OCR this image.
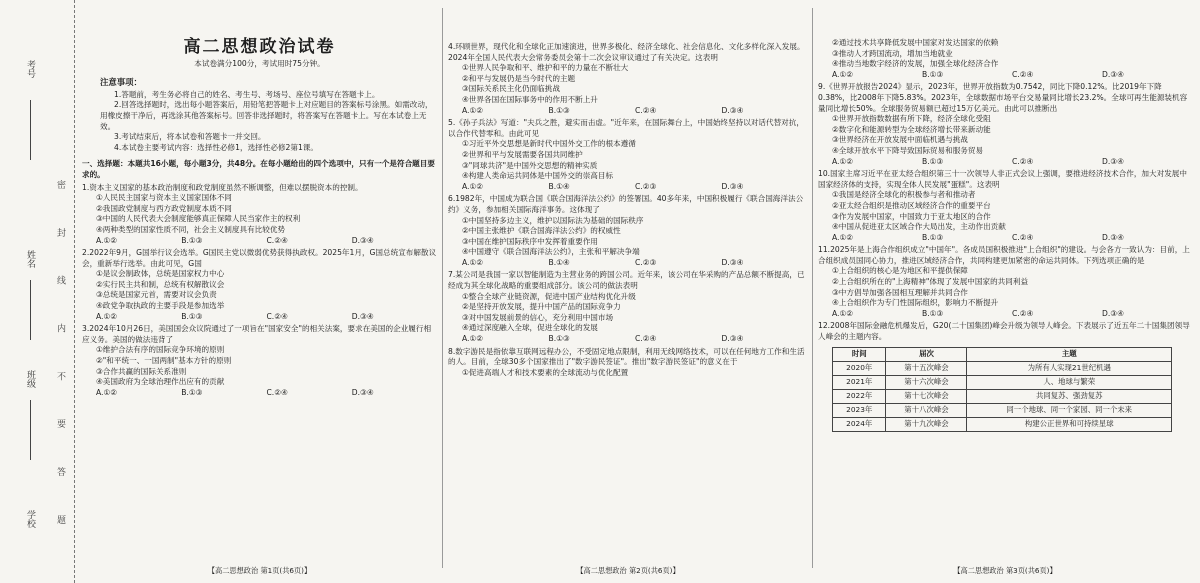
考号
姓名
班级
学校 密 封 线 内 不 要 答 题
高二思想政治试卷
本试卷满分100分，考试用时75分钟。
注意事项：
1.答题前，考生务必将自己的姓名、考生号、考场号、座位号填写在答题卡上。
2.回答选择题时，选出每小题答案后，用铅笔把答题卡上对应题目的答案标号涂黑。如需改动，用橡皮擦干净后，再选涂其他答案标号。回答非选择题时，将答案写在答题卡上。写在本试卷上无效。
3.考试结束后，将本试卷和答题卡一并交回。
4.本试卷主要考试内容：选择性必修1，选择性必修2第1课。
一、选择题：本题共16小题，每小题3分，共48分。在每小题给出的四个选项中，只有一个是符合题目要求的。
1.资本主义国家的基本政治制度和政党制度虽然不断调整，但难以摆脱资本的控制。
①人民民主国家与资本主义国家国体不同
②我国政党制度与西方政党制度本质不同
③中国的人民代表大会制度能够真正保障人民当家作主的权利
④两种类型的国家性质不同，社会主义制度具有比较优势
A.①②	B.①③	C.②④	D.③④
2.2022年9月，G国举行议会选举。G国民主党以微弱优势获得执政权。2025年1月，G国总统宣布解散议会，重新举行选举。由此可见，G国
①是议会制政体，总统是国家权力中心
②实行民主共和制，总统有权解散议会
③总统是国家元首，需要对议会负责
④政党争取执政的主要手段是参加选举
A.①②	B.①③	C.②④	D.③④
3.2024年10月26日，美国国会众议院通过了一项旨在"国家安全"的相关法案，要求在美国的企业履行相应义务。美国的做法违背了
①维护合法有序的国际竞争环境的原则
②"和平统一、一国两制"基本方针的原则
③合作共赢的国际关系准则
④美国政府为全球治理作出应有的贡献
A.①②	B.①③	C.②④	D.③④
【高二思想政治 第1页(共6页)】
4.环顾世界，现代化和全球化正加速演进，世界多极化、经济全球化、社会信息化、文化多样化深入发展。2024年全国人民代表大会常务委员会第十二次会议审议通过了有关决定。这表明
①世界人民争取和平、维护和平的力量在不断壮大
②和平与发展仍是当今时代的主题
③国际关系民主化仍面临挑战
④世界各国在国际事务中的作用不断上升
A.①②	B.①③	C.②④	D.③④
5.《孙子兵法》写道："夫兵之胜，避实而击虚。"近年来，在国际舞台上，中国始终坚持以对话代替对抗，以合作代替零和。由此可见
①习近平外交思想是新时代中国外交工作的根本遵循
②世界和平与发展需要各国共同维护
③"同球共济"是中国外交思想的精神实质
④构建人类命运共同体是中国外交的崇高目标
A.①②	B.①④	C.②③	D.③④
6.1982年，中国成为联合国《联合国海洋法公约》的签署国。40多年来，中国积极履行《联合国海洋法公约》义务，参加相关国际海洋事务。这体现了
①中国坚持多边主义，维护以国际法为基础的国际秩序
②中国主张维护《联合国海洋法公约》的权威性
③中国在维护国际秩序中发挥着重要作用
④中国遵守《联合国海洋法公约》，主张和平解决争端
A.①②	B.①④	C.②③	D.③④
7.某公司是我国一家以智能制造为主营业务的跨国公司。近年来，该公司在华采购的产品总额不断提高，已经成为其全球化战略的重要组成部分。该公司的做法表明
①整合全球产业链资源，促进中国产业结构优化升级
②是坚持开放发展，提升中国产品的国际竞争力
③对中国发展前景的信心，充分利用中国市场
④通过深度融入全球，促进全球化的发展
A.①②	B.①③	C.②④	D.③④
8.数字游民是指依靠互联网远程办公，不受固定地点限制，利用无线网络技术，可以在任何地方工作和生活的人。目前，全球30多个国家推出了"数字游民签证"。推出"数字游民签证"的意义在于
①促进高端人才和技术要素的全球流动与优化配置
【高二思想政治 第2页(共6页)】
②通过技术共享降低发展中国家对发达国家的依赖
③推动人才跨国流动，增加当地就业
④推动当地数字经济的发展，加强全球化经济合作
A.①②	B.①③	C.②④	D.③④
9.《世界开放报告2024》显示，2023年，世界开放指数为0.7542，同比下降0.12%。比2019年下降0.38%，比2008年下降5.83%。2023年，全球数据市场平台交易量同比增长23.2%。全球可再生能源装机容量同比增长50%。全球服务贸易额已超过15万亿美元。由此可以推断出
①世界开放指数数据有所下降，经济全球化受阻
②数字化和能源转型为全球经济增长带来新动能
③世界经济在开放发展中面临机遇与挑战
④全球开放水平下降导致国际贸易和服务贸易
A.①②	B.①③	C.②④	D.③④
10.国家主席习近平在亚太经合组织第三十一次领导人非正式会议上强调，要推进经济技术合作，加大对发展中国家经济体的支持，实现全体人民发展"蛋糕"。这表明
①我国是经济全球化的积极参与者和推动者
②亚太经合组织是推动区域经济合作的重要平台
③作为发展中国家，中国致力于亚太地区的合作
④中国从促进亚太区域合作大局出发，主动作出贡献
A.①②	B.①③	C.②④	D.③④
11.2025年是上海合作组织成立"中国年"。各成员国积极推进"上合组织"的建设。与会各方一致认为：目前，上合组织成员国同心协力，推进区域经济合作，共同构建更加紧密的命运共同体。下列选项正确的是
①上合组织的核心是为地区和平提供保障
②上合组织所在的"上海精神"体现了发展中国家的共同利益
③中方倡导加强各国相互理解并共同合作
④上合组织作为专门性国际组织，影响力不断提升
A.①②	B.①③	C.②④	D.③④
12.2008年国际金融危机爆发后，G20(二十国集团)峰会升级为领导人峰会。下表展示了近五年二十国集团领导人峰会的主题内容。
时间	届次	主题
2020年	第十五次峰会	为所有人实现21世纪机遇
2021年	第十六次峰会	人、地球与繁荣
2022年	第十七次峰会	共同复苏、强劲复苏
2023年	第十八次峰会	同一个地球、同一个家园、同一个未来
2024年	第十九次峰会	构建公正世界和可持续星球
【高二思想政治 第3页(共6页)】
